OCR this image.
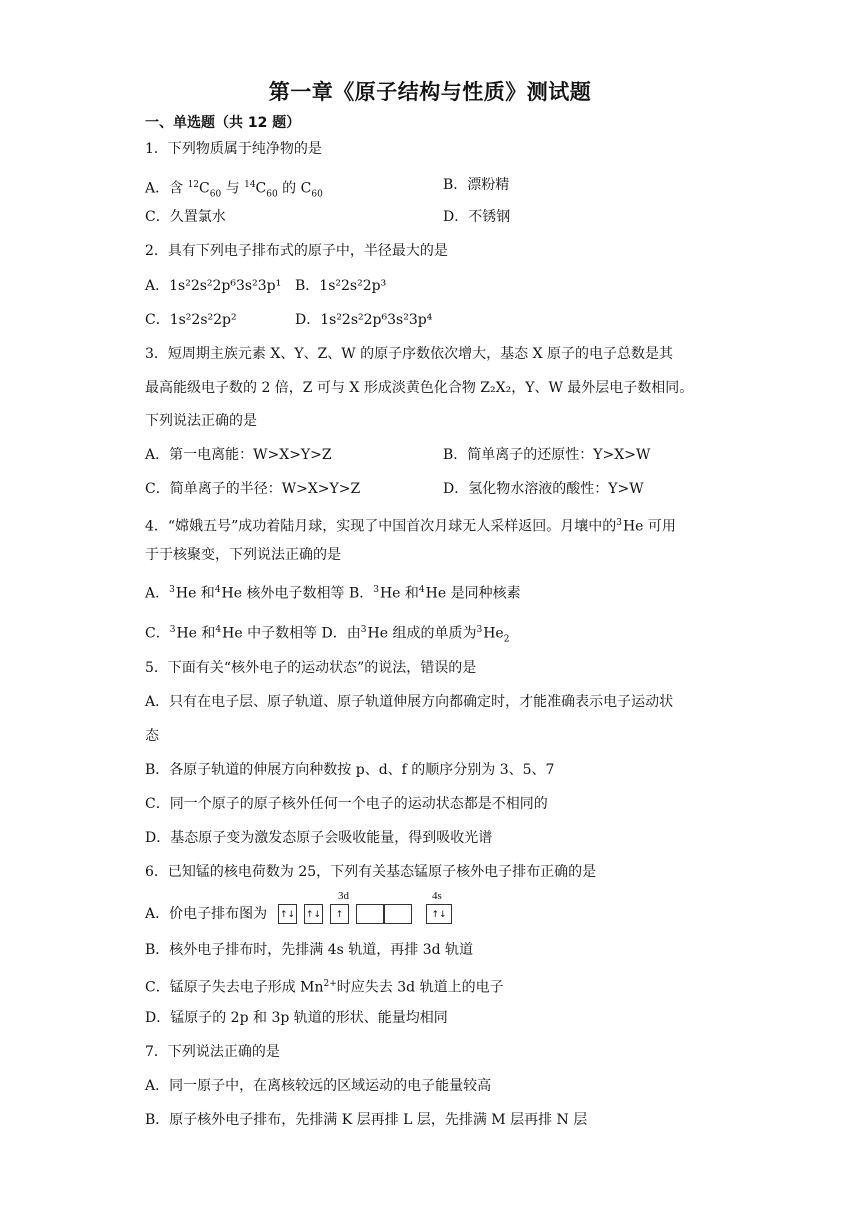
第一章《原子结构与性质》测试题
一、单选题（共 12 题）
1．下列物质属于纯净物的是
A．含 $^{12}C_{60}$ 与 $^{14}C_{60}$ 的 $C_{60}$
B．漂粉精
C．久置氯水	D．不锈钢
2．具有下列电子排布式的原子中，半径最大的是
A．1s²2s²2p⁶3s²3p¹ B．1s²2s²2p³
C．1s²2s²2p²	D．1s²2s²2p⁶3s²3p⁴
3．短周期主族元素 X、Y、Z、W 的原子序数依次增大，基态 X 原子的电子总数是其
最高能级电子数的 2 倍，Z 可与 X 形成淡黄色化合物 Z₂X₂，Y、W 最外层电子数相同。
下列说法正确的是
A．第一电离能：W>X>Y>Z	B．简单离子的还原性：Y>X>W
C．简单离子的半径：W>X>Y>Z	D．氢化物水溶液的酸性：Y>W
4．“嫦娥五号”成功着陆月球，实现了中国首次月球无人采样返回。月壤中的$^3$He 可用
于于核聚变，下列说法正确的是
A．$^3$He 和$^4$He 核外电子数相等 B．$^3$He 和$^4$He 是同种核素
C．$^3$He 和$^4$He 中子数相等 D．由$^3$He 组成的单质为$^3He_2$
5．下面有关“核外电子的运动状态”的说法，错误的是
A．只有在电子层、原子轨道、原子轨道伸展方向都确定时，才能准确表示电子运动状
态
B．各原子轨道的伸展方向种数按 p、d、f 的顺序分别为 3、5、7
C．同一个原子的原子核外任何一个电子的运动状态都是不相同的
D．基态原子变为激发态原子会吸收能量，得到吸收光谱
6．已知锰的核电荷数为 25，下列有关基态锰原子核外电子排布正确的是
A．价电子排布图为
3d	4s
↑↓ ↑↓	↑	↑↓
B．核外电子排布时，先排满 4s 轨道，再排 3d 轨道
C．锰原子失去电子形成 $Mn^{2+}$时应失去 3d 轨道上的电子
D．锰原子的 2p 和 3p 轨道的形状、能量均相同
7．下列说法正确的是
A．同一原子中，在离核较远的区域运动的电子能量较高
B．原子核外电子排布，先排满 K 层再排 L 层，先排满 M 层再排 N 层
